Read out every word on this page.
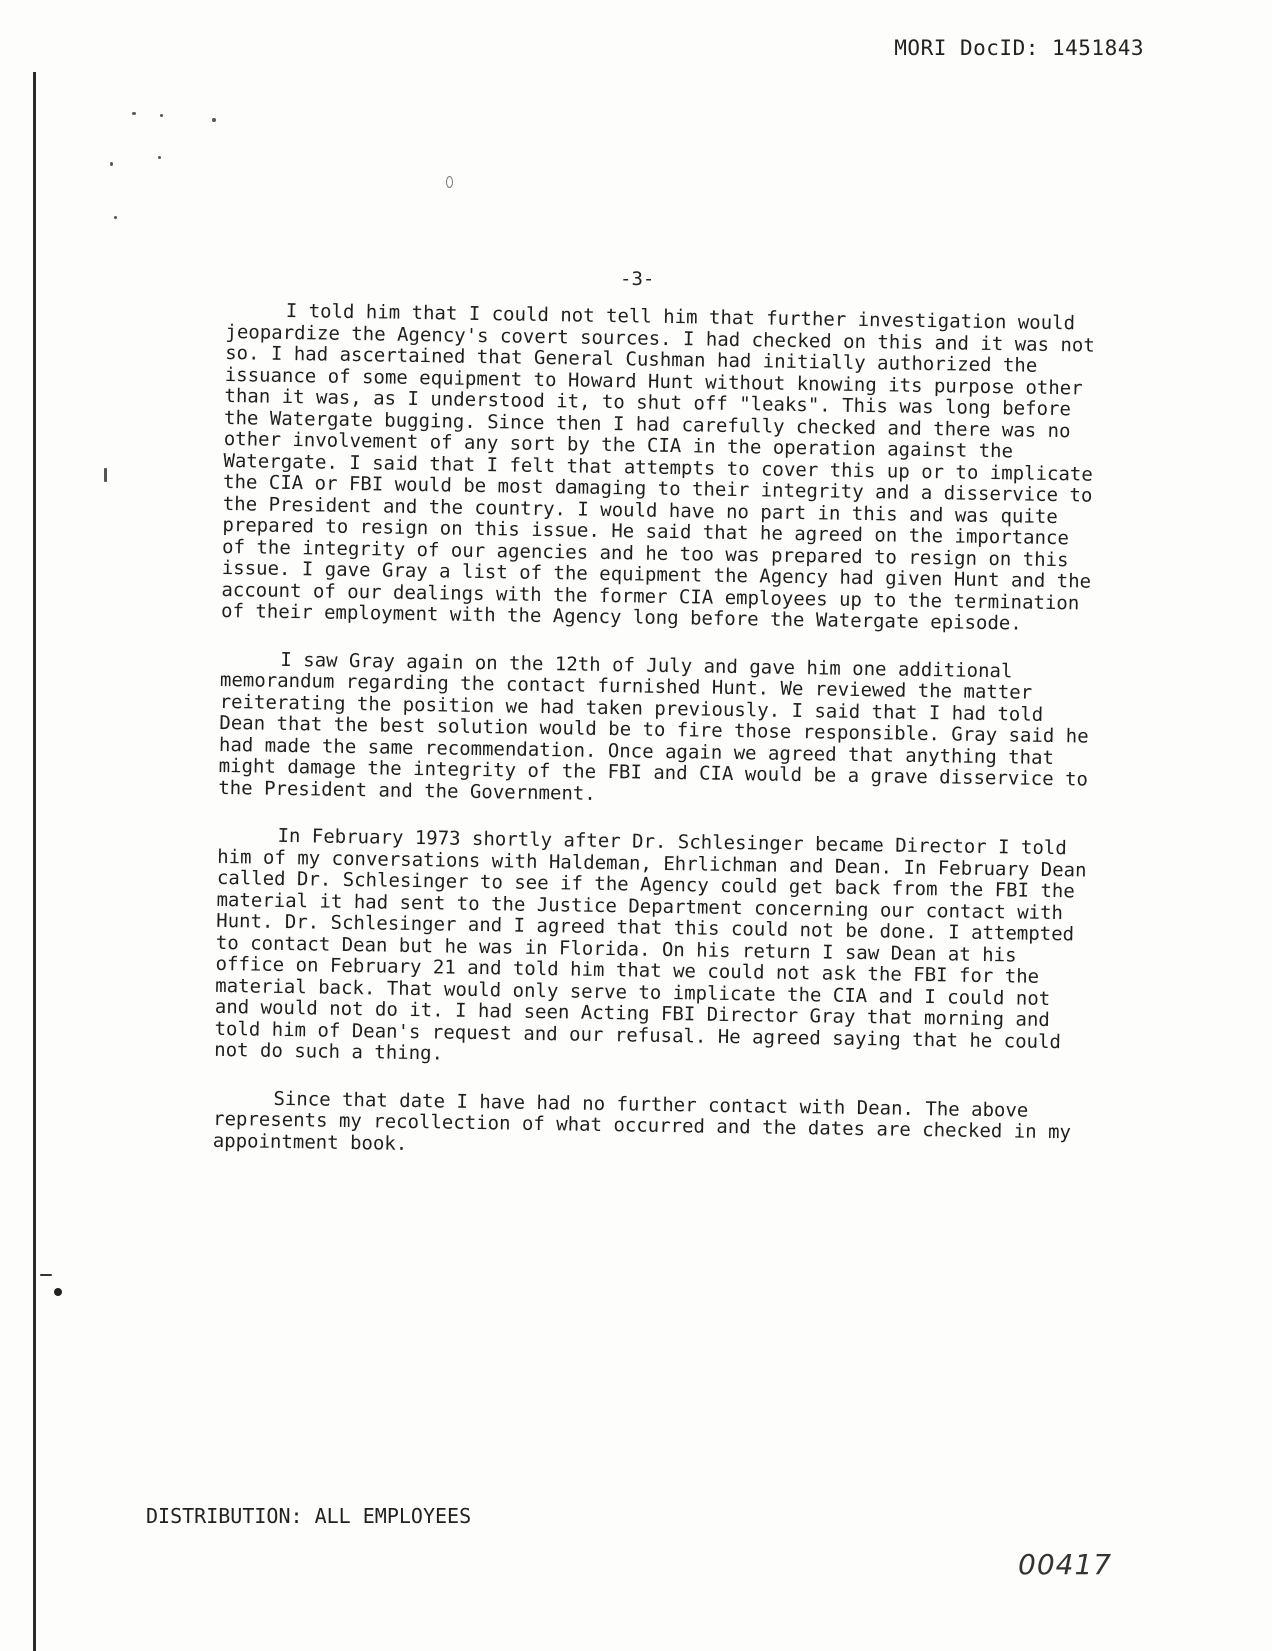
MORI DocID: 1451843
-3-

I told him that I could not tell him that further investigation would jeopardize the Agency's covert sources. I had checked on this and it was not so. I had ascertained that General Cushman had initially authorized the issuance of some equipment to Howard Hunt without knowing its purpose other than it was, as I understood it, to shut off "leaks". This was long before the Watergate bugging. Since then I had carefully checked and there was no other involvement of any sort by the CIA in the operation against the Watergate. I said that I felt that attempts to cover this up or to implicate the CIA or FBI would be most damaging to their integrity and a disservice to the President and the country. I would have no part in this and was quite prepared to resign on this issue. He said that he agreed on the importance of the integrity of our agencies and he too was prepared to resign on this issue. I gave Gray a list of the equipment the Agency had given Hunt and the account of our dealings with the former CIA employees up to the termination of their employment with the Agency long before the Watergate episode.

I saw Gray again on the 12th of July and gave him one additional memorandum regarding the contact furnished Hunt. We reviewed the matter reiterating the position we had taken previously. I said that I had told Dean that the best solution would be to fire those responsible. Gray said he had made the same recommendation. Once again we agreed that anything that might damage the integrity of the FBI and CIA would be a grave disservice to the President and the Government.

In February 1973 shortly after Dr. Schlesinger became Director I told him of my conversations with Haldeman, Ehrlichman and Dean. In February Dean called Dr. Schlesinger to see if the Agency could get back from the FBI the material it had sent to the Justice Department concerning our contact with Hunt. Dr. Schlesinger and I agreed that this could not be done. I attempted to contact Dean but he was in Florida. On his return I saw Dean at his office on February 21 and told him that we could not ask the FBI for the material back. That would only serve to implicate the CIA and I could not and would not do it. I had seen Acting FBI Director Gray that morning and told him of Dean's request and our refusal. He agreed saying that he could not do such a thing.

Since that date I have had no further contact with Dean. The above represents my recollection of what occurred and the dates are checked in my appointment book.

DISTRIBUTION: ALL EMPLOYEES
00417
